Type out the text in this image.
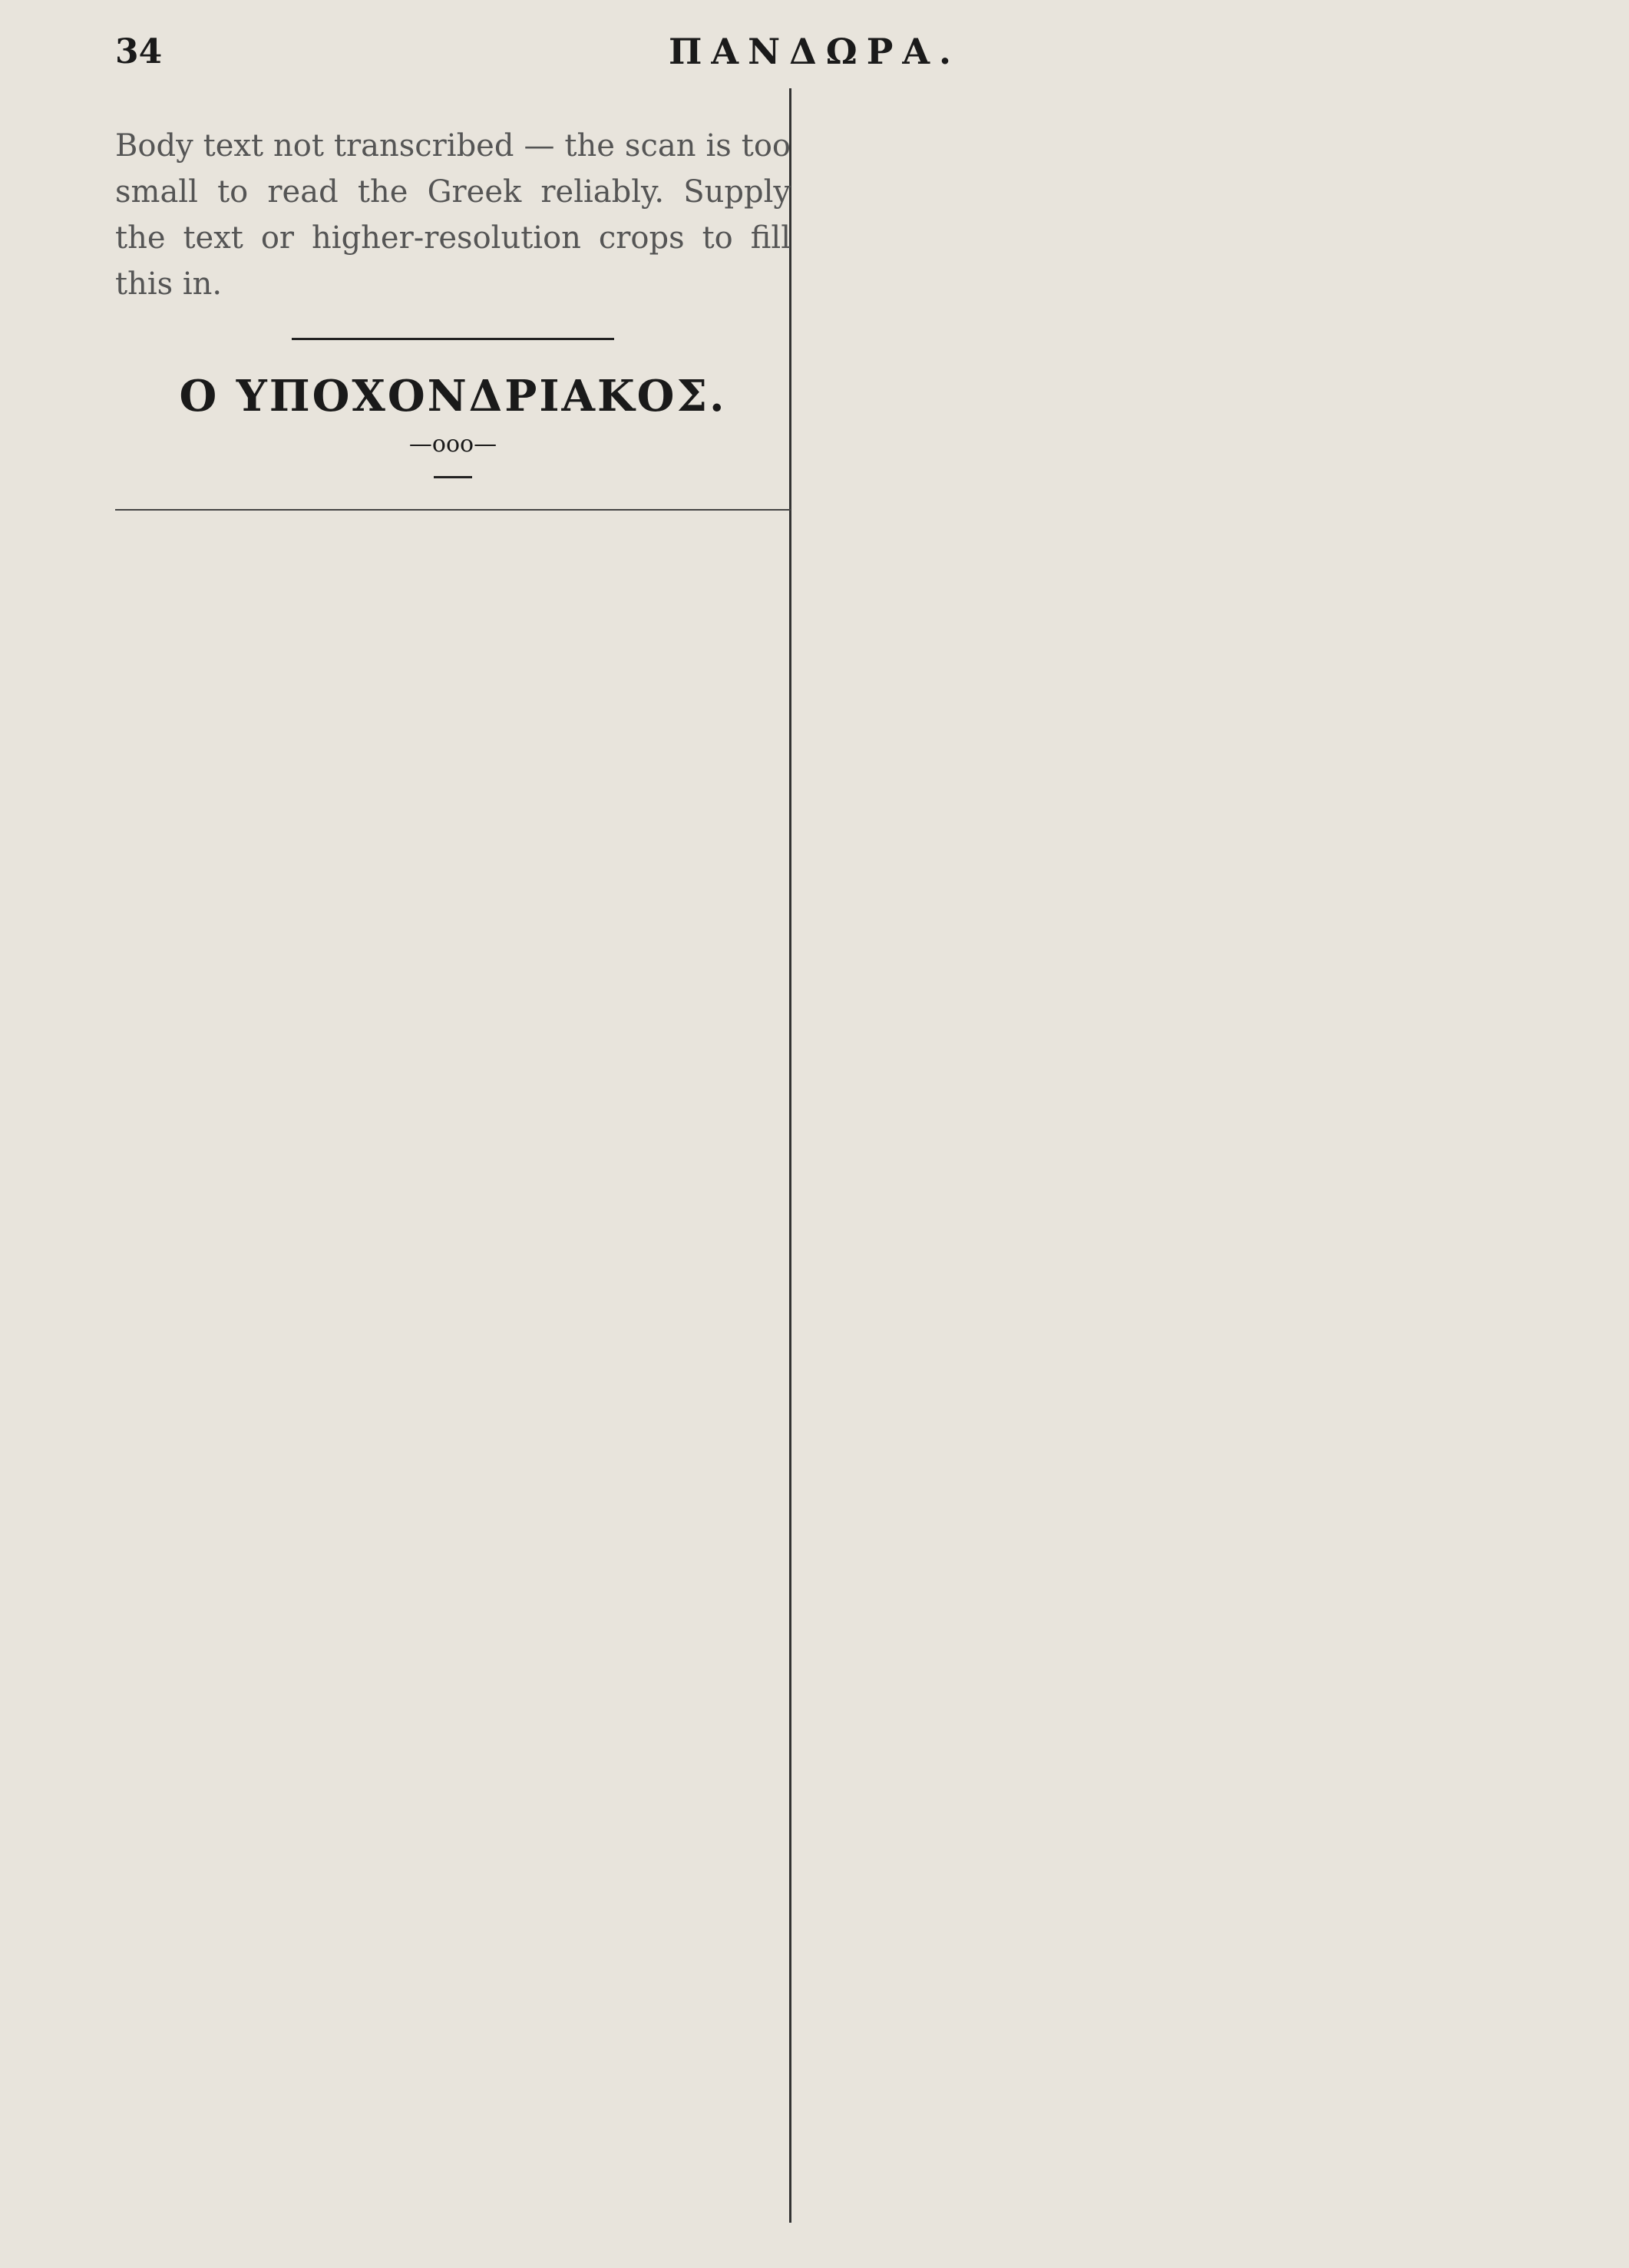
34	ΠΑΝΔΩΡΑ.

Body text not transcribed — the scan is too small to read the Greek reliably. Supply the text or higher-resolution crops to fill this in.

Ο ΥΠΟΧΟΝΔΡΙΑΚΟΣ.
—ooo—
